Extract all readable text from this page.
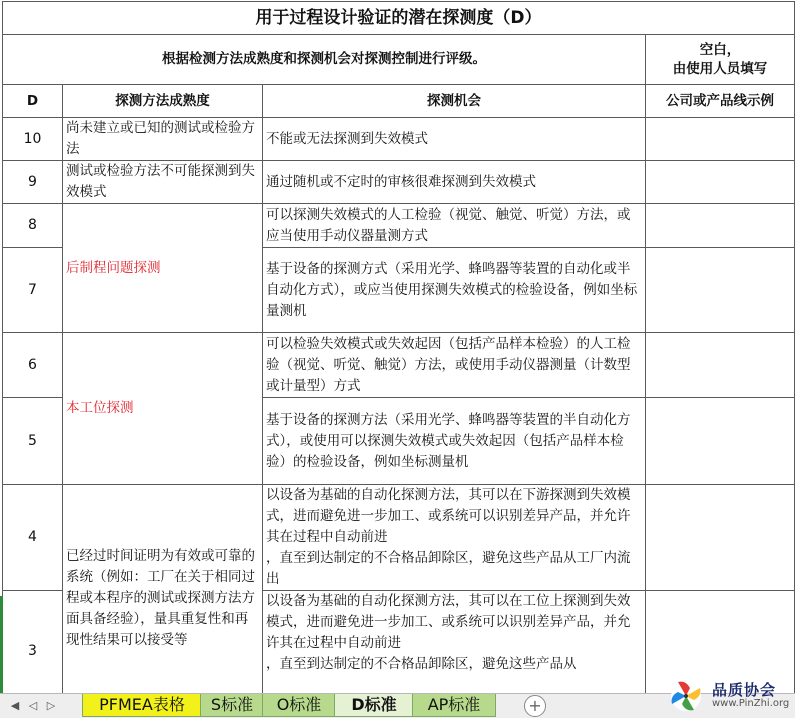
用于过程设计验证的潜在探测度（D）			
根据检测方法成熟度和探测机会对探测控制进行评级。			空白，
由使用人员填写
D	探测方法成熟度	探测机会	公司或产品线示例
10	尚未建立或已知的测试或检验方法	不能或无法探测到失效模式	
9	测试或检验方法不可能探测到失效模式	通过随机或不定时的审核很难探测到失效模式	
8	后制程问题探测	可以探测失效模式的人工检验（视觉、触觉、听觉）方法，或应当使用手动仪器量测方式	
7		基于设备的探测方式（采用光学、蜂鸣器等装置的自动化或半自动化方式），或应当使用探测失效模式的检验设备，例如坐标量测机	
6	本工位探测	可以检验失效模式或失效起因（包括产品样本检验）的人工检验（视觉、听觉、触觉）方法，或使用手动仪器测量（计数型或计量型）方式	
5		基于设备的探测方法（采用光学、蜂鸣器等装置的半自动化方式），或使用可以探测失效模式或失效起因（包括产品样本检验）的检验设备，例如坐标测量机	
4	已经过时间证明为有效或可靠的系统（例如：工厂在关于相同过程或本程序的测试或探测方法方面具备经验），量具重复性和再现性结果可以接受等	以设备为基础的自动化探测方法，其可以在下游探测到失效模式，进而避免进一步加工、或系统可以识别差异产品，并允许其在过程中自动前进
，直至到达制定的不合格品卸除区，避免这些产品从工厂内流出	
3		以设备为基础的自动化探测方法，其可以在工位上探测到失效模式，进而避免进一步加工、或系统可以识别差异产品，并允许其在过程中自动前进
，直至到达制定的不合格品卸除区，避免这些产品从	
◀ ◁ ▷	PFMEA表格	S标准	O标准	D标准	AP标准	+
品质协会
www.PinZhi.org
